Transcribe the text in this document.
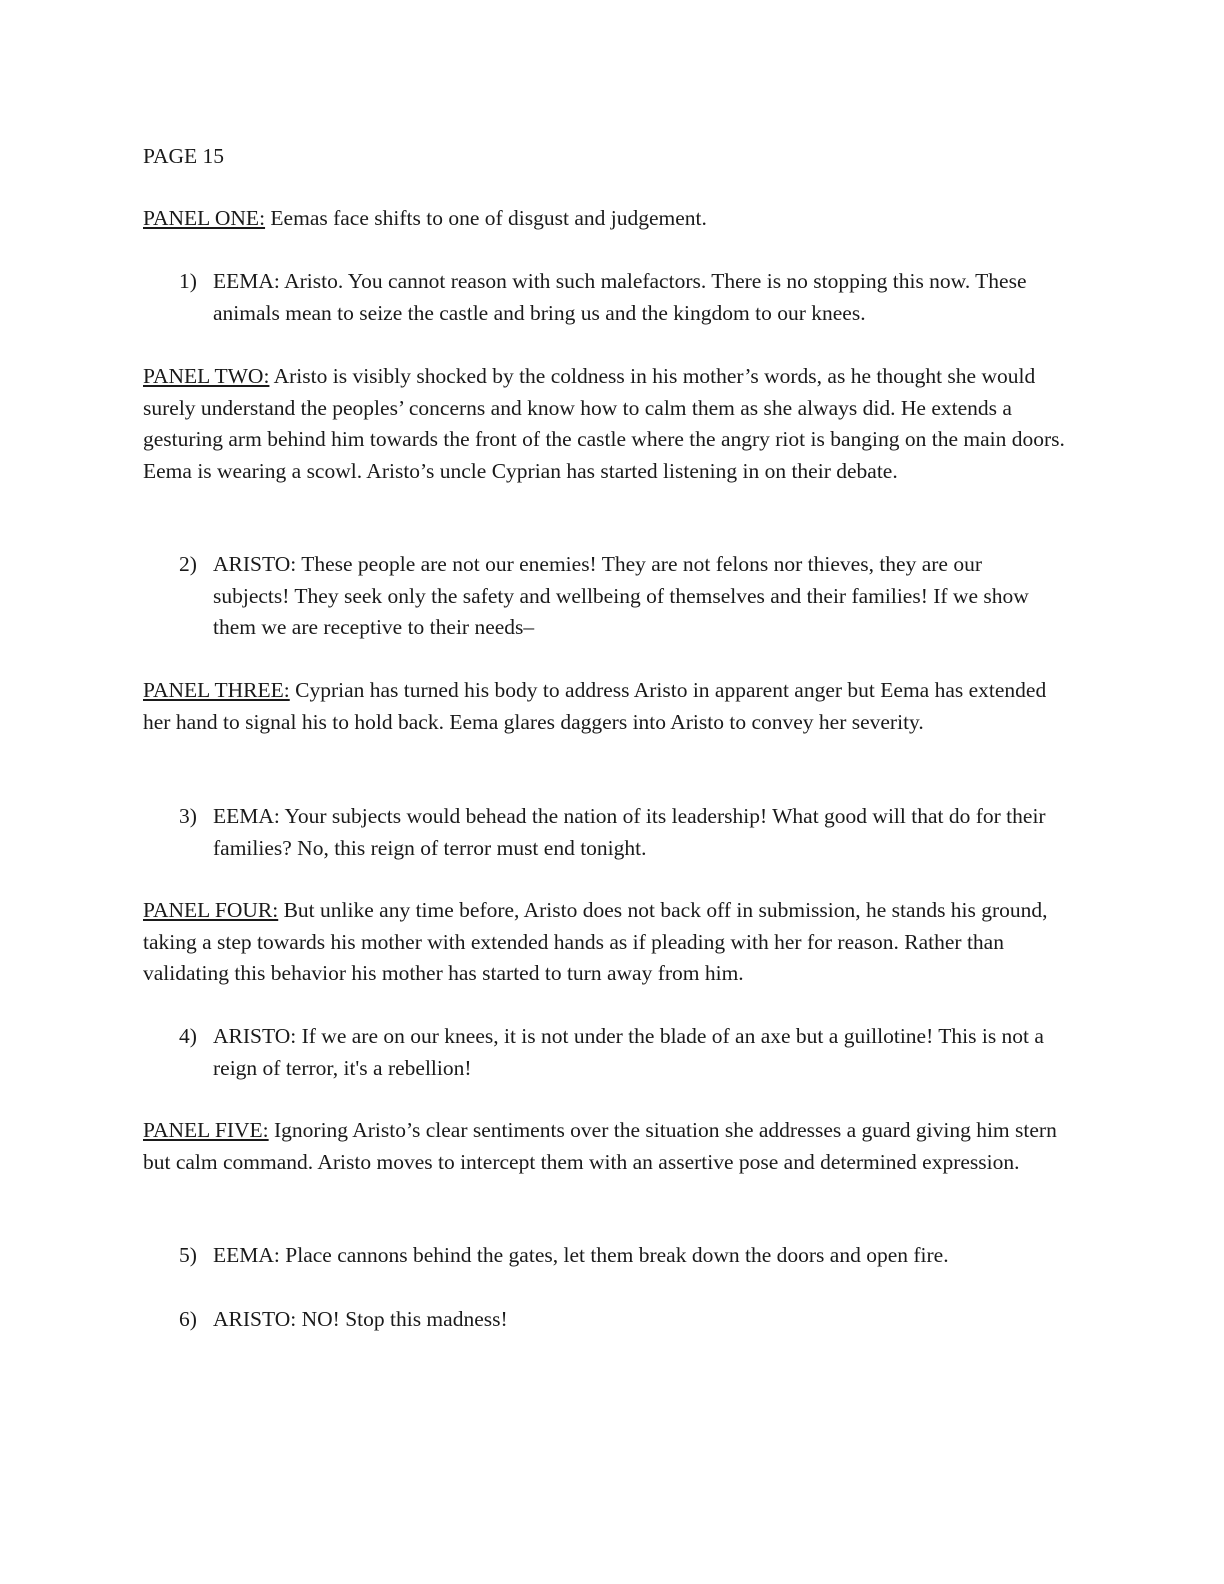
PAGE 15

PANEL ONE: Eemas face shifts to one of disgust and judgement.

1) EEMA: Aristo. You cannot reason with such malefactors. There is no stopping this now. These animals mean to seize the castle and bring us and the kingdom to our knees.

PANEL TWO: Aristo is visibly shocked by the coldness in his mother’s words, as he thought she would surely understand the peoples’ concerns and know how to calm them as she always did. He extends a gesturing arm behind him towards the front of the castle where the angry riot is banging on the main doors. Eema is wearing a scowl. Aristo’s uncle Cyprian has started listening in on their debate.

2) ARISTO: These people are not our enemies! They are not felons nor thieves, they are our subjects! They seek only the safety and wellbeing of themselves and their families! If we show them we are receptive to their needs–

PANEL THREE: Cyprian has turned his body to address Aristo in apparent anger but Eema has extended her hand to signal his to hold back. Eema glares daggers into Aristo to convey her severity.

3) EEMA: Your subjects would behead the nation of its leadership! What good will that do for their families? No, this reign of terror must end tonight.

PANEL FOUR: But unlike any time before, Aristo does not back off in submission, he stands his ground, taking a step towards his mother with extended hands as if pleading with her for reason. Rather than validating this behavior his mother has started to turn away from him.

4) ARISTO: If we are on our knees, it is not under the blade of an axe but a guillotine! This is not a reign of terror, it's a rebellion!

PANEL FIVE: Ignoring Aristo’s clear sentiments over the situation she addresses a guard giving him stern but calm command. Aristo moves to intercept them with an assertive pose and determined expression.

5) EEMA: Place cannons behind the gates, let them break down the doors and open fire.
6) ARISTO: NO! Stop this madness!
